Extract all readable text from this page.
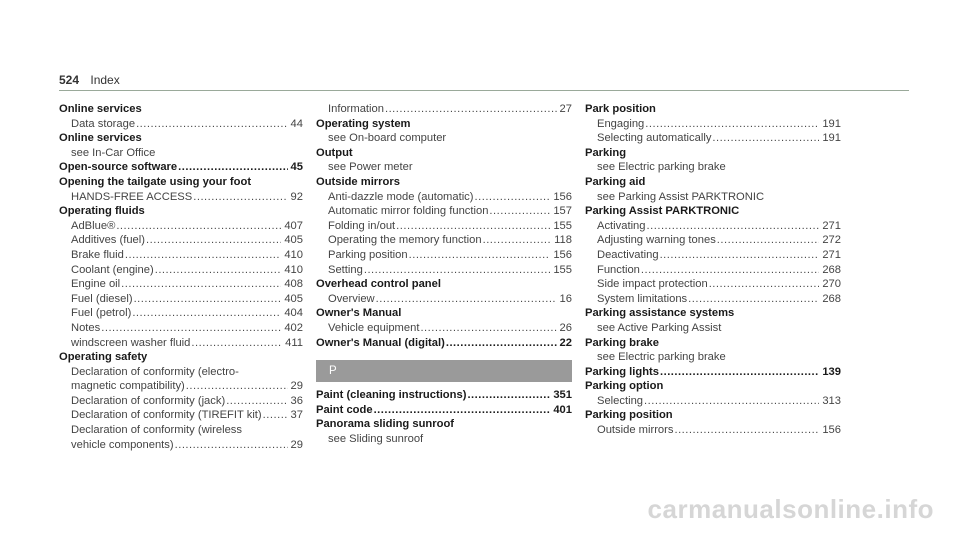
524 Index
Online services
Data storage .....	44
Online services
see In-Car Office
Open-source software .....	45
Opening the tailgate using your foot
HANDS-FREE ACCESS .....	92
Operating fluids
AdBlue® .....	407
Additives (fuel) .....	405
Brake fluid .....	410
Coolant (engine) .....	410
Engine oil .....	408
Fuel (diesel) .....	405
Fuel (petrol) .....	404
Notes .....	402
windscreen washer fluid .....	411
Operating safety
Declaration of conformity (electro-
magnetic compatibility) .....	29
Declaration of conformity (jack) .....	36
Declaration of conformity (TIREFIT kit) .....	37
Declaration of conformity (wireless
vehicle components) .....	29
Information .....	27
Operating system
see On-board computer
Output
see Power meter
Outside mirrors
Anti-dazzle mode (automatic) .....	156
Automatic mirror folding function .....	157
Folding in/out .....	155
Operating the memory function .....	118
Parking position .....	156
Setting .....	155
Overhead control panel
Overview .....	16
Owner's Manual
Vehicle equipment .....	26
Owner's Manual (digital) .....	22
P
Paint (cleaning instructions) .....	351
Paint code .....	401
Panorama sliding sunroof
see Sliding sunroof
Park position
Engaging .....	191
Selecting automatically .....	191
Parking
see Electric parking brake
Parking aid
see Parking Assist PARKTRONIC
Parking Assist PARKTRONIC
Activating .....	271
Adjusting warning tones .....	272
Deactivating .....	271
Function .....	268
Side impact protection .....	270
System limitations .....	268
Parking assistance systems
see Active Parking Assist
Parking brake
see Electric parking brake
Parking lights .....	139
Parking option
Selecting .....	313
Parking position
Outside mirrors .....	156
carmanualsonline.info
